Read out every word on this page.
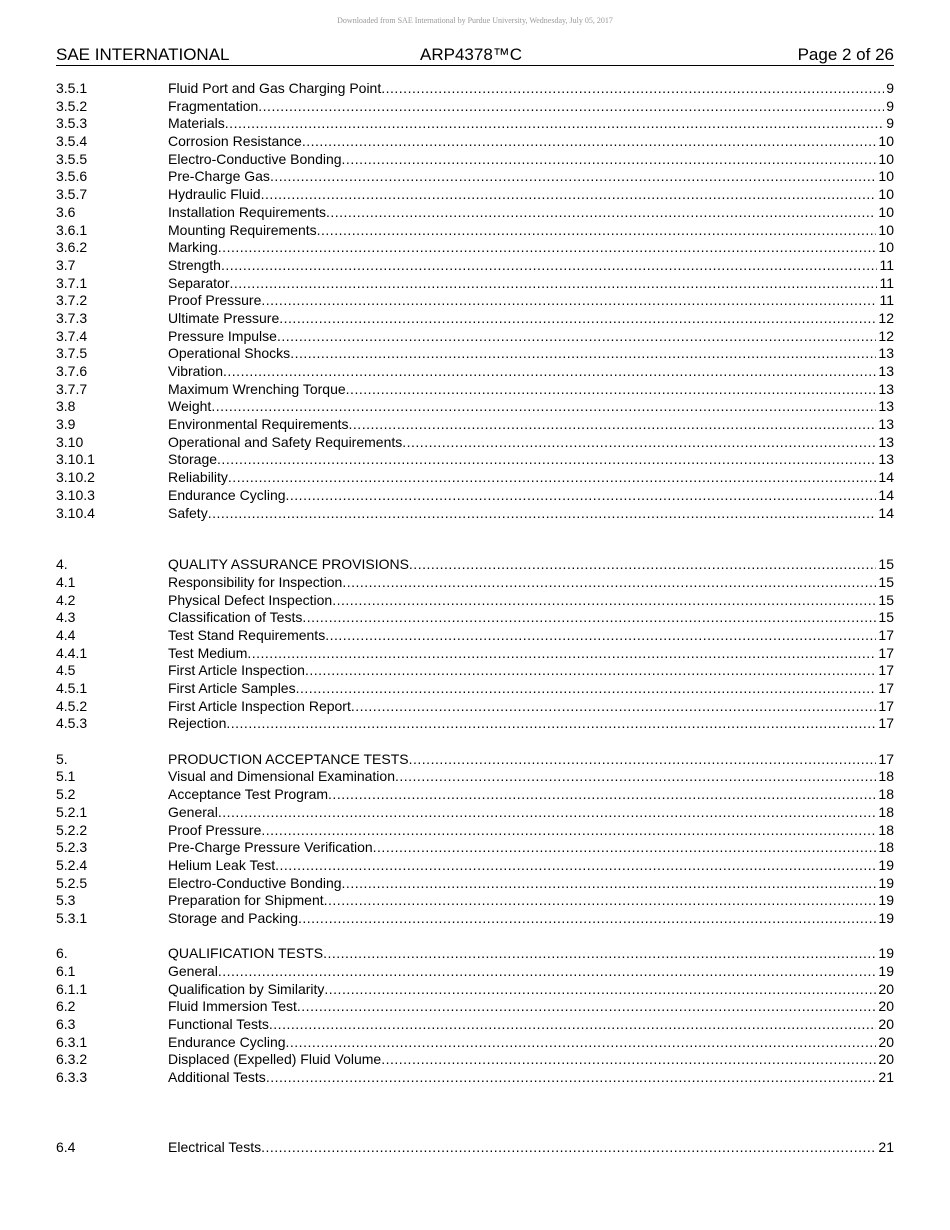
Downloaded from SAE International by Purdue University, Wednesday, July 05, 2017
SAE INTERNATIONAL	ARP4378™C	Page 2 of 26
3.5.1	Fluid Port and Gas Charging Point .....	9
3.5.2	Fragmentation .....	9
3.5.3	Materials .....	9
3.5.4	Corrosion Resistance .....	10
3.5.5	Electro-Conductive Bonding .....	10
3.5.6	Pre-Charge Gas .....	10
3.5.7	Hydraulic Fluid .....	10
3.6	Installation Requirements .....	10
3.6.1	Mounting Requirements .....	10
3.6.2	Marking .....	10
3.7	Strength .....	11
3.7.1	Separator .....	11
3.7.2	Proof Pressure .....	11
3.7.3	Ultimate Pressure .....	12
3.7.4	Pressure Impulse .....	12
3.7.5	Operational Shocks .....	13
3.7.6	Vibration .....	13
3.7.7	Maximum Wrenching Torque .....	13
3.8	Weight .....	13
3.9	Environmental Requirements .....	13
3.10	Operational and Safety Requirements .....	13
3.10.1	Storage .....	13
3.10.2	Reliability .....	14
3.10.3	Endurance Cycling .....	14
3.10.4	Safety .....	14
4.	QUALITY ASSURANCE PROVISIONS .....	15
4.1	Responsibility for Inspection .....	15
4.2	Physical Defect Inspection .....	15
4.3	Classification of Tests .....	15
4.4	Test Stand Requirements .....	17
4.4.1	Test Medium .....	17
4.5	First Article Inspection .....	17
4.5.1	First Article Samples .....	17
4.5.2	First Article Inspection Report .....	17
4.5.3	Rejection .....	17
5.	PRODUCTION ACCEPTANCE TESTS .....	17
5.1	Visual and Dimensional Examination .....	18
5.2	Acceptance Test Program .....	18
5.2.1	General .....	18
5.2.2	Proof Pressure .....	18
5.2.3	Pre-Charge Pressure Verification .....	18
5.2.4	Helium Leak Test .....	19
5.2.5	Electro-Conductive Bonding .....	19
5.3	Preparation for Shipment .....	19
5.3.1	Storage and Packing .....	19
6.	QUALIFICATION TESTS .....	19
6.1	General .....	19
6.1.1	Qualification by Similarity .....	20
6.2	Fluid Immersion Test .....	20
6.3	Functional Tests .....	20
6.3.1	Endurance Cycling .....	20
6.3.2	Displaced (Expelled) Fluid Volume .....	20
6.3.3	Additional Tests .....	21
6.4	Electrical Tests .....	21
